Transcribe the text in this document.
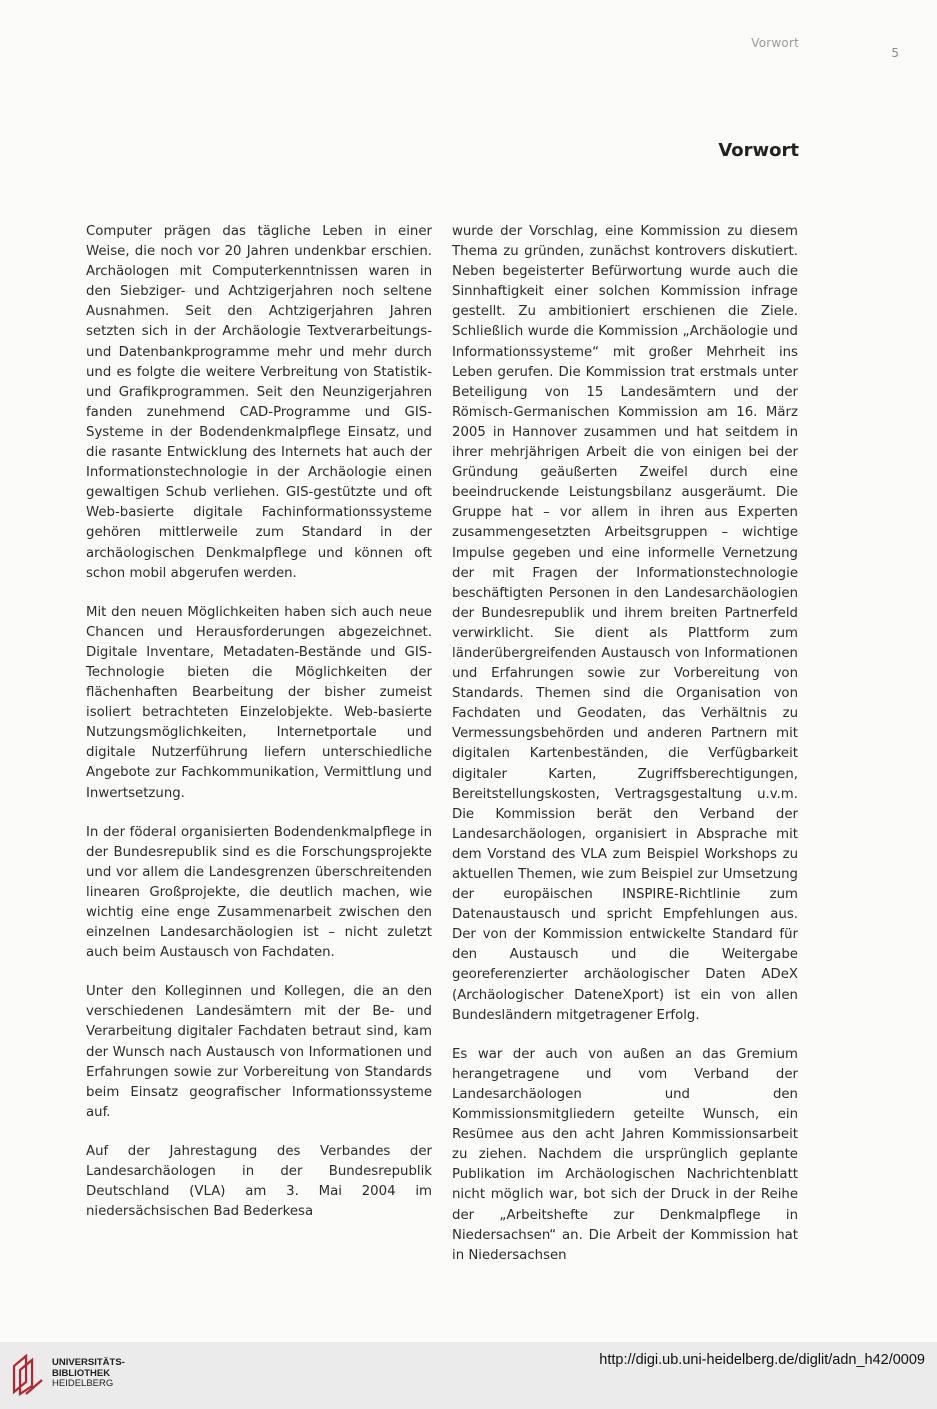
Vorwort
5
Vorwort

Computer prägen das tägliche Leben in einer Weise, die noch vor 20 Jahren undenkbar erschien. Archäologen mit Computerkenntnissen waren in den Siebziger- und Achtzigerjahren noch seltene Ausnahmen. Seit den Achtzigerjahren Jahren setzten sich in der Archäologie Textverarbeitungs- und Datenbankprogramme mehr und mehr durch und es folgte die weitere Verbreitung von Statistik- und Grafikprogrammen. Seit den Neunzigerjahren fanden zunehmend CAD-Programme und GIS-Systeme in der Bodendenkmalpflege Einsatz, und die rasante Entwicklung des Internets hat auch der Informationstechnologie in der Archäologie einen gewaltigen Schub verliehen. GIS-gestützte und oft Web-basierte digitale Fachinformationssysteme gehören mittlerweile zum Standard in der archäologischen Denkmalpflege und können oft schon mobil abgerufen werden.

Mit den neuen Möglichkeiten haben sich auch neue Chancen und Herausforderungen abgezeichnet. Digitale Inventare, Metadaten-Bestände und GIS-Technologie bieten die Möglichkeiten der flächenhaften Bearbeitung der bisher zumeist isoliert betrachteten Einzelobjekte. Web-basierte Nutzungsmöglichkeiten, Internetportale und digitale Nutzerführung liefern unterschiedliche Angebote zur Fachkommunikation, Vermittlung und Inwertsetzung.

In der föderal organisierten Bodendenkmalpflege in der Bundesrepublik sind es die Forschungsprojekte und vor allem die Landesgrenzen überschreitenden linearen Großprojekte, die deutlich machen, wie wichtig eine enge Zusammenarbeit zwischen den einzelnen Landesarchäologien ist – nicht zuletzt auch beim Austausch von Fachdaten.

Unter den Kolleginnen und Kollegen, die an den verschiedenen Landesämtern mit der Be- und Verarbeitung digitaler Fachdaten betraut sind, kam der Wunsch nach Austausch von Informationen und Erfahrungen sowie zur Vorbereitung von Standards beim Einsatz geografischer Informationssysteme auf.

Auf der Jahrestagung des Verbandes der Landesarchäologen in der Bundesrepublik Deutschland (VLA) am 3. Mai 2004 im niedersächsischen Bad Bederkesa

wurde der Vorschlag, eine Kommission zu diesem Thema zu gründen, zunächst kontrovers diskutiert. Neben begeisterter Befürwortung wurde auch die Sinnhaftigkeit einer solchen Kommission infrage gestellt. Zu ambitioniert erschienen die Ziele. Schließlich wurde die Kommission „Archäologie und Informationssysteme“ mit großer Mehrheit ins Leben gerufen. Die Kommission trat erstmals unter Beteiligung von 15 Landesämtern und der Römisch-Germanischen Kommission am 16. März 2005 in Hannover zusammen und hat seitdem in ihrer mehrjährigen Arbeit die von einigen bei der Gründung geäußerten Zweifel durch eine beeindruckende Leistungsbilanz ausgeräumt. Die Gruppe hat – vor allem in ihren aus Experten zusammengesetzten Arbeitsgruppen – wichtige Impulse gegeben und eine informelle Vernetzung der mit Fragen der Informationstechnologie beschäftigten Personen in den Landesarchäologien der Bundesrepublik und ihrem breiten Partnerfeld verwirklicht. Sie dient als Plattform zum länderübergreifenden Austausch von Informationen und Erfahrungen sowie zur Vorbereitung von Standards. Themen sind die Organisation von Fachdaten und Geodaten, das Verhältnis zu Vermessungsbehörden und anderen Partnern mit digitalen Kartenbeständen, die Verfügbarkeit digitaler Karten, Zugriffsberechtigungen, Bereitstellungskosten, Vertragsgestaltung u.v.m. Die Kommission berät den Verband der Landesarchäologen, organisiert in Absprache mit dem Vorstand des VLA zum Beispiel Workshops zu aktuellen Themen, wie zum Beispiel zur Umsetzung der europäischen INSPIRE-Richtlinie zum Datenaustausch und spricht Empfehlungen aus. Der von der Kommission entwickelte Standard für den Austausch und die Weitergabe georeferenzierter archäologischer Daten ADeX (Archäologischer DateneXport) ist ein von allen Bundesländern mitgetragener Erfolg.

Es war der auch von außen an das Gremium herangetragene und vom Verband der Landesarchäologen und den Kommissionsmitgliedern geteilte Wunsch, ein Resümee aus den acht Jahren Kommissionsarbeit zu ziehen. Nachdem die ursprünglich geplante Publikation im Archäologischen Nachrichtenblatt nicht möglich war, bot sich der Druck in der Reihe der „Arbeitshefte zur Denkmalpflege in Niedersachsen“ an. Die Arbeit der Kommission hat in Niedersachsen

UNIVERSITÄTS-
BIBLIOTHEK
HEIDELBERG
http://digi.ub.uni-heidelberg.de/diglit/adn_h42/0009
